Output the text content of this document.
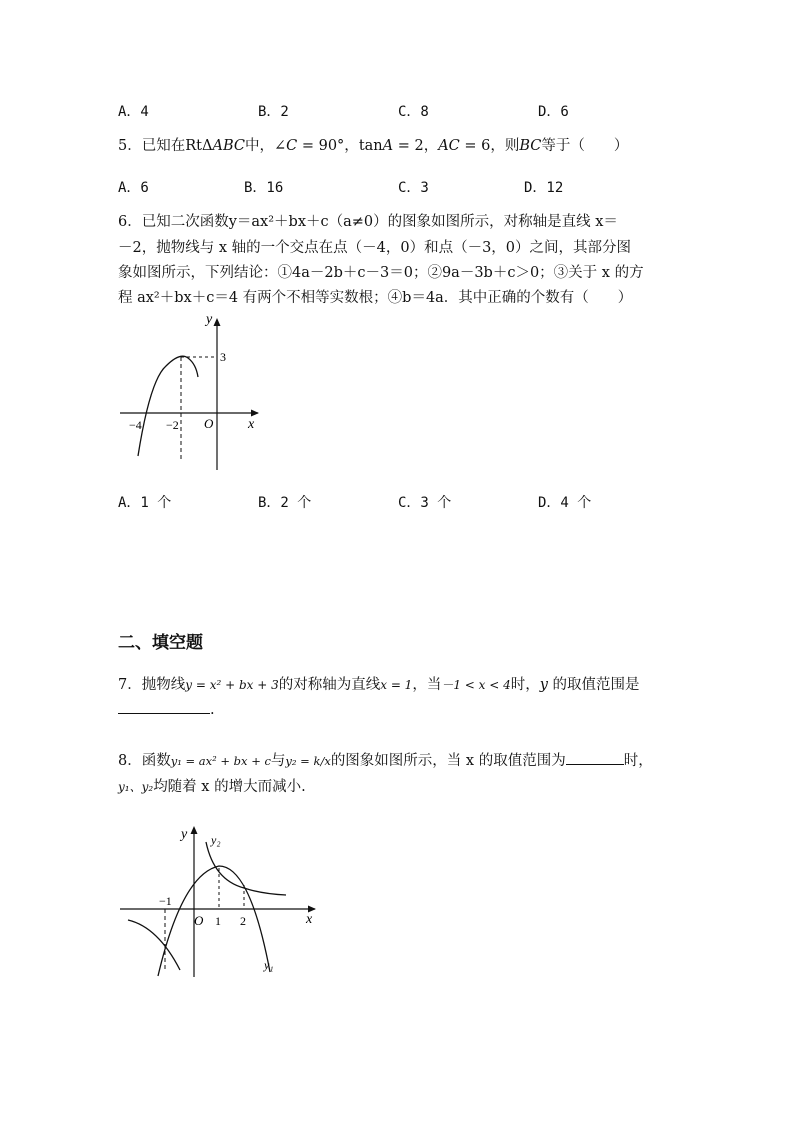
A．4	B．2	C．8	D．6
5．已知在RtΔABC中，∠C = 90°，tanA = 2，AC = 6，则BC等于（　　）
A．6	B．16	C．3	D．12
6．已知二次函数y＝ax²＋bx＋c（a≠0）的图象如图所示，对称轴是直线 x＝
－2，抛物线与 x 轴的一个交点在点（－4，0）和点（－3，0）之间，其部分图
象如图所示，下列结论：①4a－2b＋c－3＝0；②9a－3b＋c＞0；③关于 x 的方
程 ax²＋bx＋c＝4 有两个不相等实数根；④b＝4a．其中正确的个数有（　　）
y
3
−4 −2 O x
A．1 个	B．2 个	C．3 个	D．4 个
二、填空题
7．抛物线y = x² + bx + 3的对称轴为直线x = 1，当－1 < x < 4时，y 的取值范围是
.
8．函数y₁ = ax² + bx + c与y₂ = k/x的图象如图所示，当 x 的取值范围为	时，
y₁、y₂均随着 x 的增大而减小.
y y₂
−1
O 1 2	x
y₁
